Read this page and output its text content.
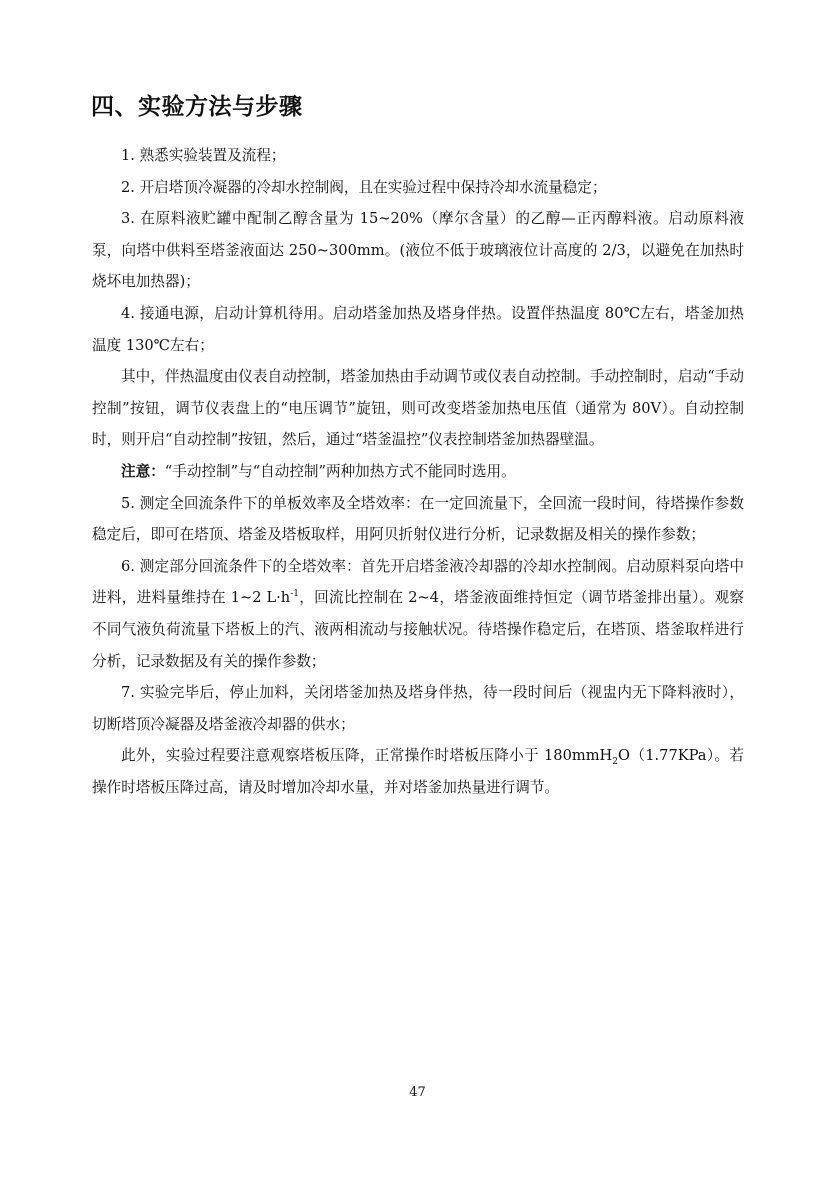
四、实验方法与步骤

1. 熟悉实验装置及流程；

2. 开启塔顶冷凝器的冷却水控制阀，且在实验过程中保持冷却水流量稳定；

3. 在原料液贮罐中配制乙醇含量为 15~20%（摩尔含量）的乙醇—正丙醇料液。启动原料液泵，向塔中供料至塔釜液面达 250~300mm。(液位不低于玻璃液位计高度的 2/3，以避免在加热时烧坏电加热器)；

4. 接通电源，启动计算机待用。启动塔釜加热及塔身伴热。设置伴热温度 80℃左右，塔釜加热温度 130℃左右；

其中，伴热温度由仪表自动控制，塔釜加热由手动调节或仪表自动控制。手动控制时，启动“手动控制”按钮，调节仪表盘上的“电压调节”旋钮，则可改变塔釜加热电压值（通常为 80V）。自动控制时，则开启“自动控制”按钮，然后，通过“塔釜温控”仪表控制塔釜加热器壁温。

注意：“手动控制”与“自动控制”两种加热方式不能同时选用。

5. 测定全回流条件下的单板效率及全塔效率：在一定回流量下，全回流一段时间，待塔操作参数稳定后，即可在塔顶、塔釜及塔板取样，用阿贝折射仪进行分析，记录数据及相关的操作参数；

6. 测定部分回流条件下的全塔效率：首先开启塔釜液冷却器的冷却水控制阀。启动原料泵向塔中进料，进料量维持在 1~2 $L\cdot h^{-1}$，回流比控制在 2~4，塔釜液面维持恒定（调节塔釜排出量）。观察不同气液负荷流量下塔板上的汽、液两相流动与接触状况。待塔操作稳定后，在塔顶、塔釜取样进行分析，记录数据及有关的操作参数；

7. 实验完毕后，停止加料，关闭塔釜加热及塔身伴热，待一段时间后（视盅内无下降料液时），切断塔顶冷凝器及塔釜液冷却器的供水；

此外，实验过程要注意观察塔板压降，正常操作时塔板压降小于 180mmH$_2$O（1.77KPa）。若操作时塔板压降过高，请及时增加冷却水量，并对塔釜加热量进行调节。

47
